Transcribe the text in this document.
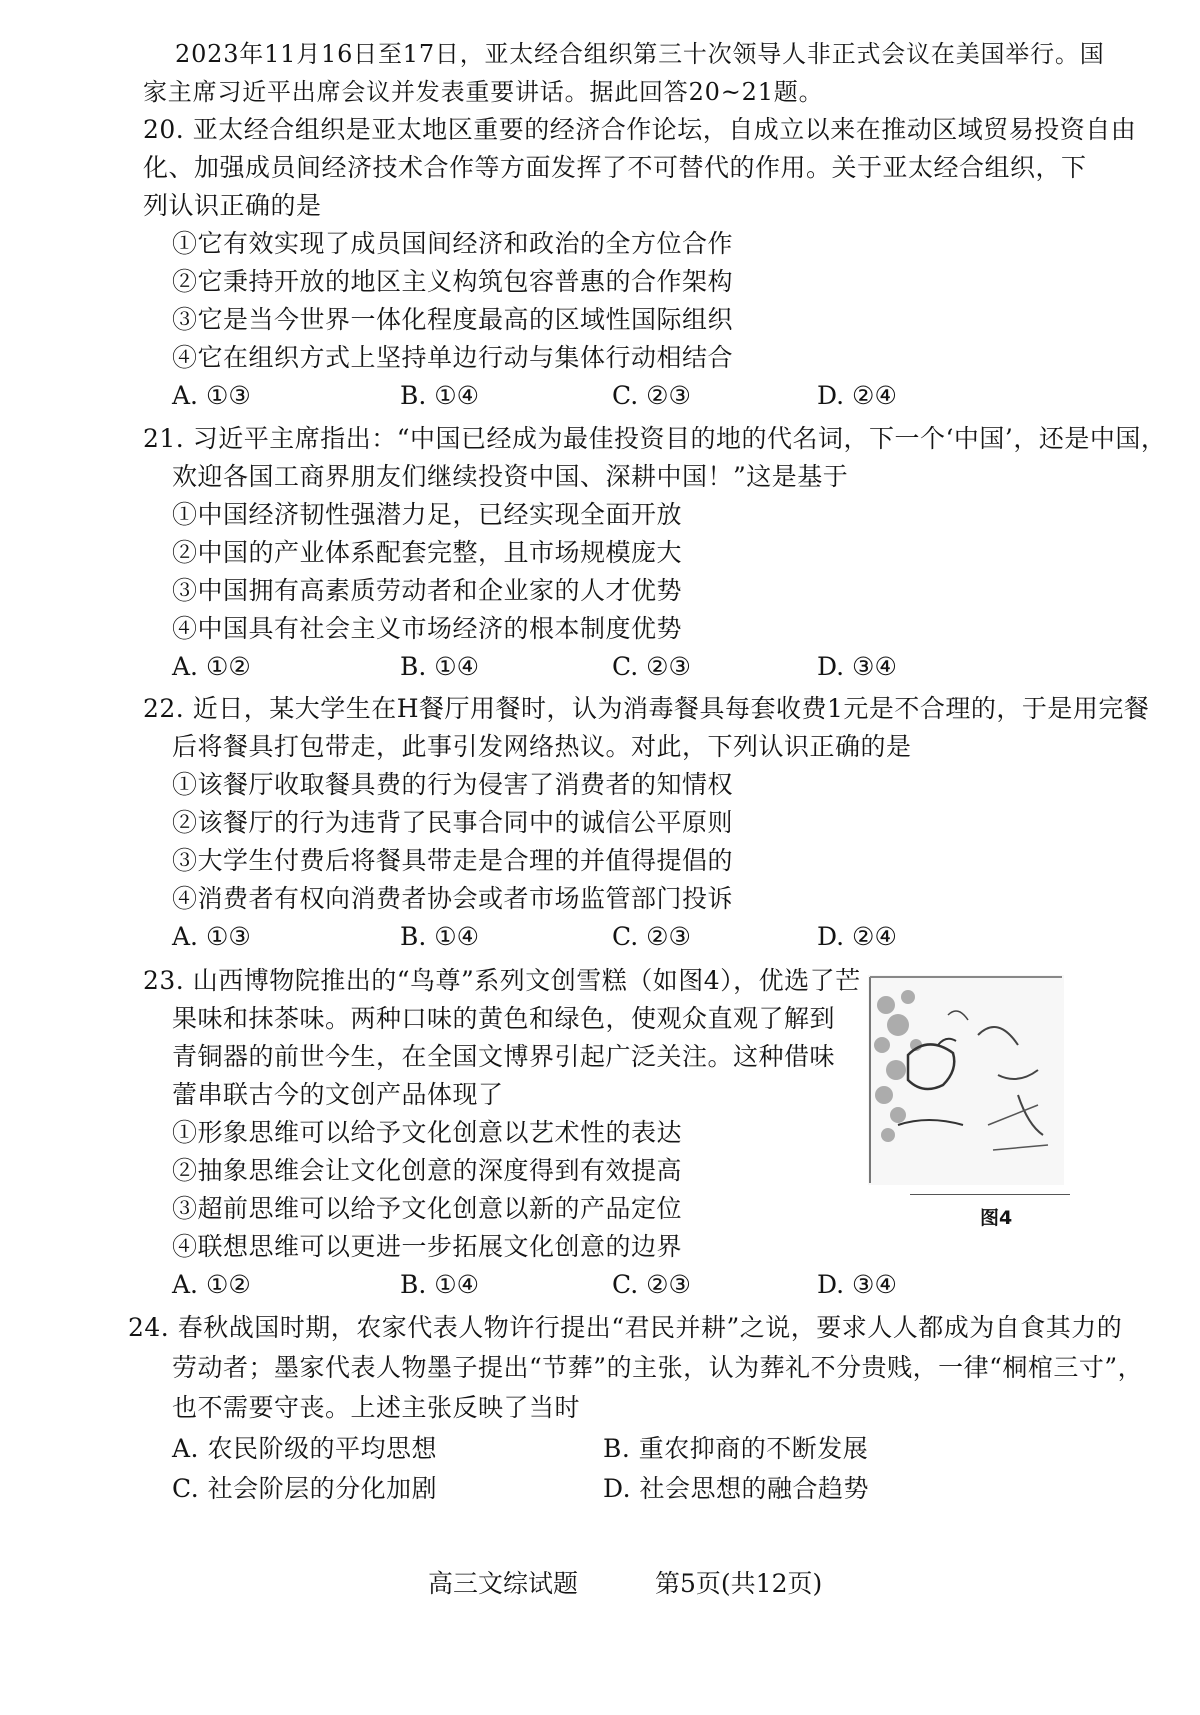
2023年11月16日至17日，亚太经合组织第三十次领导人非正式会议在美国举行。国
家主席习近平出席会议并发表重要讲话。据此回答20~21题。
20. 亚太经合组织是亚太地区重要的经济合作论坛，自成立以来在推动区域贸易投资自由
化、加强成员间经济技术合作等方面发挥了不可替代的作用。关于亚太经合组织，下
列认识正确的是
①它有效实现了成员国间经济和政治的全方位合作
②它秉持开放的地区主义构筑包容普惠的合作架构
③它是当今世界一体化程度最高的区域性国际组织
④它在组织方式上坚持单边行动与集体行动相结合
A. ①③	B. ①④	C. ②③	D. ②④
21. 习近平主席指出：“中国已经成为最佳投资目的地的代名词，下一个‘中国’，还是中国，
欢迎各国工商界朋友们继续投资中国、深耕中国！”这是基于
①中国经济韧性强潜力足，已经实现全面开放
②中国的产业体系配套完整，且市场规模庞大
③中国拥有高素质劳动者和企业家的人才优势
④中国具有社会主义市场经济的根本制度优势
A. ①②	B. ①④	C. ②③	D. ③④
22. 近日，某大学生在H餐厅用餐时，认为消毒餐具每套收费1元是不合理的，于是用完餐
后将餐具打包带走，此事引发网络热议。对此，下列认识正确的是
①该餐厅收取餐具费的行为侵害了消费者的知情权
②该餐厅的行为违背了民事合同中的诚信公平原则
③大学生付费后将餐具带走是合理的并值得提倡的
④消费者有权向消费者协会或者市场监管部门投诉
A. ①③	B. ①④	C. ②③	D. ②④
23. 山西博物院推出的“鸟尊”系列文创雪糕（如图4），优选了芒
果味和抹茶味。两种口味的黄色和绿色，使观众直观了解到
青铜器的前世今生，在全国文博界引起广泛关注。这种借味
蕾串联古今的文创产品体现了
①形象思维可以给予文化创意以艺术性的表达
②抽象思维会让文化创意的深度得到有效提高
③超前思维可以给予文化创意以新的产品定位
④联想思维可以更进一步拓展文化创意的边界
A. ①②	B. ①④	C. ②③	D. ③④
图4
24. 春秋战国时期，农家代表人物许行提出“君民并耕”之说，要求人人都成为自食其力的
劳动者；墨家代表人物墨子提出“节葬”的主张，认为葬礼不分贵贱，一律“桐棺三寸”，
也不需要守丧。上述主张反映了当时
A. 农民阶级的平均思想	B. 重农抑商的不断发展
C. 社会阶层的分化加剧	D. 社会思想的融合趋势
高三文综试题	第5页(共12页)
